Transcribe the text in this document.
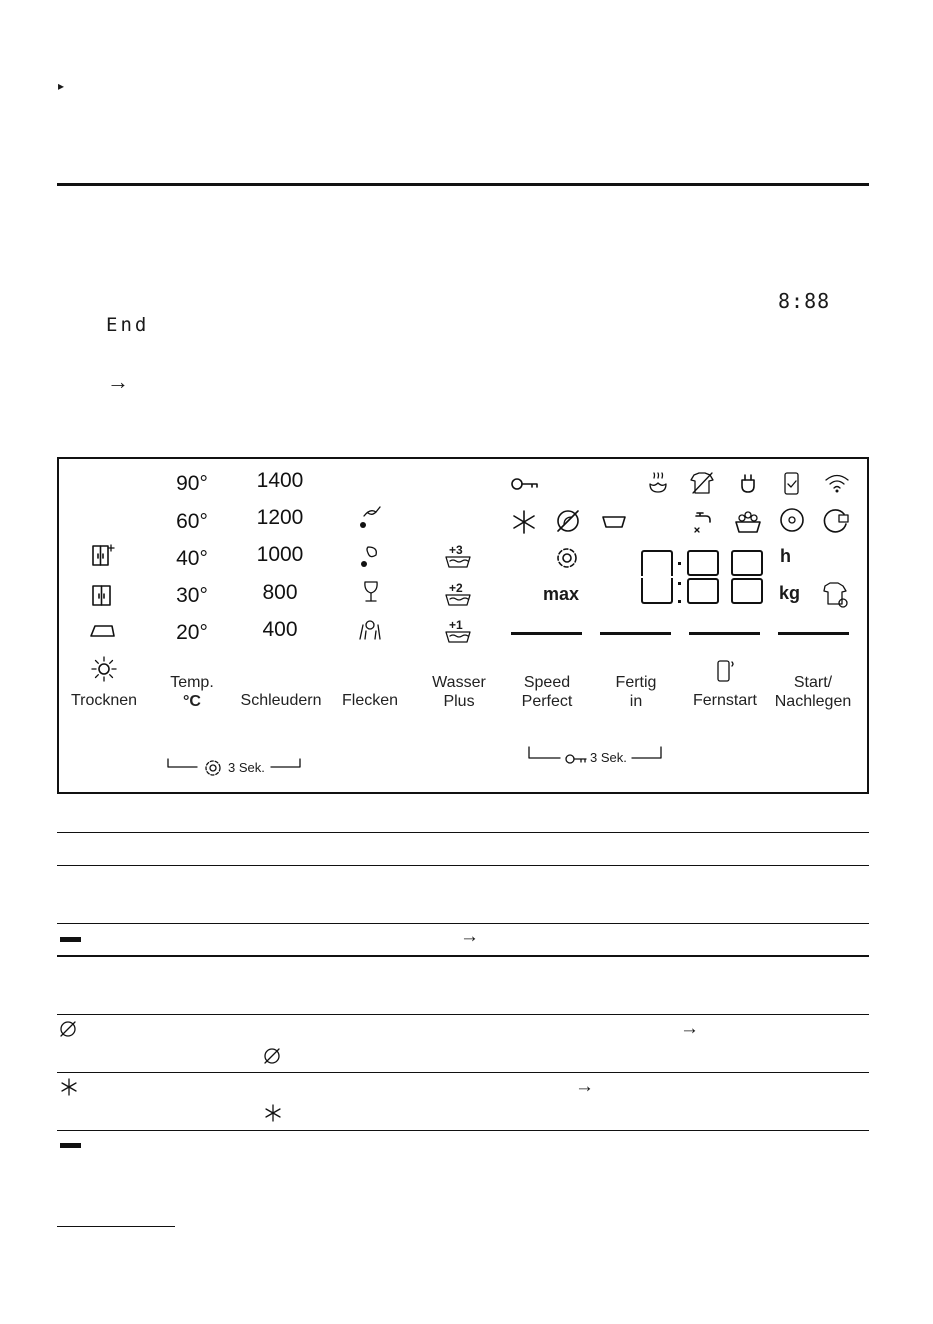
▸
8:88
End
→
90°
60°
40°
30°
20°
1400
1200
1000
800
400
+3
+2
+1
max
h
kg
Trocknen
Temp.
°C	Schleudern	Flecken
Wasser
Plus
Speed
Perfect
Fertig
in	Fernstart
Start/
Nachlegen
3 Sek.
3 Sek.
→
→
→
